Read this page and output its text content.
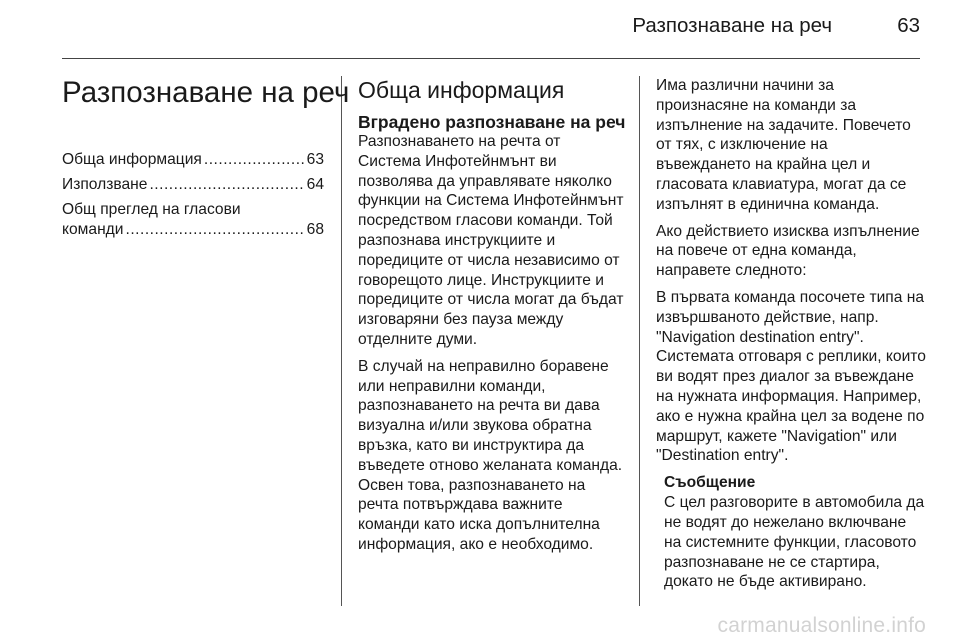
Разпознаване на реч	63
Разпознаване на реч
Обща информация .....	63
Използване .....	64
Общ преглед на гласови
команди .....	68
Обща информация
Вградено разпознаване на реч

Разпознаването на речта от Система Инфотейнмънт ви позволява да управлявате няколко функции на Система Инфотейнмънт посредством гласови команди. Той разпознава инструкциите и поредиците от числа независимо от говорещото лице. Инструкциите и поредиците от числа могат да бъдат изговаряни без пауза между отделните думи.

В случай на неправилно боравене или неправилни команди, разпознаването на речта ви дава визуална и/или звукова обратна връзка, като ви инструктира да въведете отново желаната команда. Освен това, разпознаването на речта потвърждава важните команди като иска допълнителна информация, ако е необходимо.

Има различни начини за произнасяне на команди за изпълнение на задачите. Повечето от тях, с изключение на въвеждането на крайна цел и гласовата клавиатура, могат да се изпълнят в единична команда.

Ако действието изисква изпълнение на повече от една команда, направете следното:

В първата команда посочете типа на извършваното действие, напр. "Navigation destination entry". Системата отговаря с реплики, които ви водят през диалог за въвеждане на нужната информация. Например, ако е нужна крайна цел за водене по маршрут, кажете "Navigation" или "Destination entry".

Съобщение
С цел разговорите в автомобила да не водят до нежелано включване на системните функции, гласовото разпознаване не се стартира, докато не бъде активирано.
carmanualsonline.info
